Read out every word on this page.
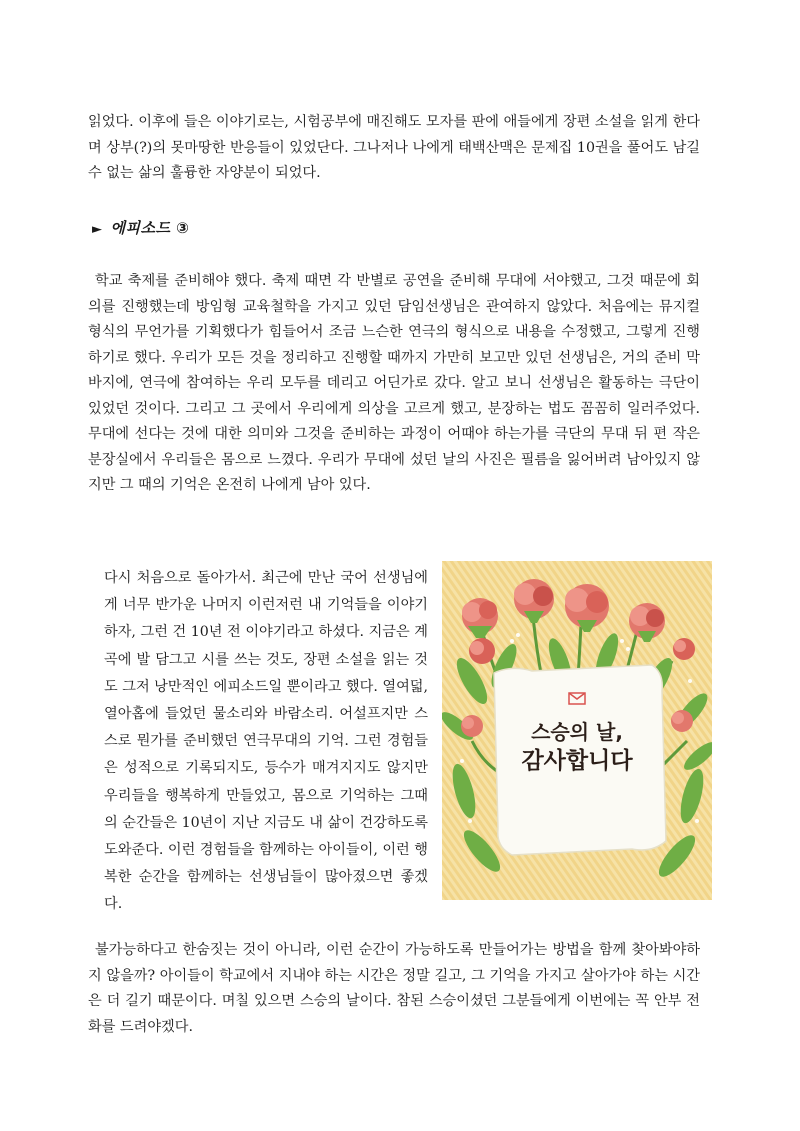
읽었다. 이후에 들은 이야기로는, 시험공부에 매진해도 모자를 판에 애들에게 장편 소설을 읽게 한다며 상부(?)의 못마땅한 반응들이 있었단다. 그나저나 나에게 태백산맥은 문제집 10권을 풀어도 남길 수 없는 삶의 훌륭한 자양분이 되었다.

► 에피소드 ③

학교 축제를 준비해야 했다. 축제 때면 각 반별로 공연을 준비해 무대에 서야했고, 그것 때문에 회의를 진행했는데 방임형 교육철학을 가지고 있던 담임선생님은 관여하지 않았다. 처음에는 뮤지컬 형식의 무언가를 기획했다가 힘들어서 조금 느슨한 연극의 형식으로 내용을 수정했고, 그렇게 진행하기로 했다. 우리가 모든 것을 정리하고 진행할 때까지 가만히 보고만 있던 선생님은, 거의 준비 막바지에, 연극에 참여하는 우리 모두를 데리고 어딘가로 갔다. 알고 보니 선생님은 활동하는 극단이 있었던 것이다. 그리고 그 곳에서 우리에게 의상을 고르게 했고, 분장하는 법도 꼼꼼히 일러주었다. 무대에 선다는 것에 대한 의미와 그것을 준비하는 과정이 어때야 하는가를 극단의 무대 뒤 편 작은 분장실에서 우리들은 몸으로 느꼈다. 우리가 무대에 섰던 날의 사진은 필름을 잃어버려 남아있지 않지만 그 때의 기억은 온전히 나에게 남아 있다.

다시 처음으로 돌아가서. 최근에 만난 국어 선생님에게 너무 반가운 나머지 이런저런 내 기억들을 이야기 하자, 그런 건 10년 전 이야기라고 하셨다. 지금은 계곡에 발 담그고 시를 쓰는 것도, 장편 소설을 읽는 것도 그저 낭만적인 에피소드일 뿐이라고 했다. 열여덟, 열아홉에 들었던 물소리와 바람소리. 어설프지만 스스로 뭔가를 준비했던 연극무대의 기억. 그런 경험들은 성적으로 기록되지도, 등수가 매겨지지도 않지만 우리들을 행복하게 만들었고, 몸으로 기억하는 그때의 순간들은 10년이 지난 지금도 내 삶이 건강하도록 도와준다. 이런 경험들을 함께하는 아이들이, 이런 행복한 순간을 함께하는 선생님들이 많아졌으면 좋겠다.

스승의 날,

감사합니다

불가능하다고 한숨짓는 것이 아니라, 이런 순간이 가능하도록 만들어가는 방법을 함께 찾아봐야하지 않을까? 아이들이 학교에서 지내야 하는 시간은 정말 길고, 그 기억을 가지고 살아가야 하는 시간은 더 길기 때문이다. 며칠 있으면 스승의 날이다. 참된 스승이셨던 그분들에게 이번에는 꼭 안부 전화를 드려야겠다.
